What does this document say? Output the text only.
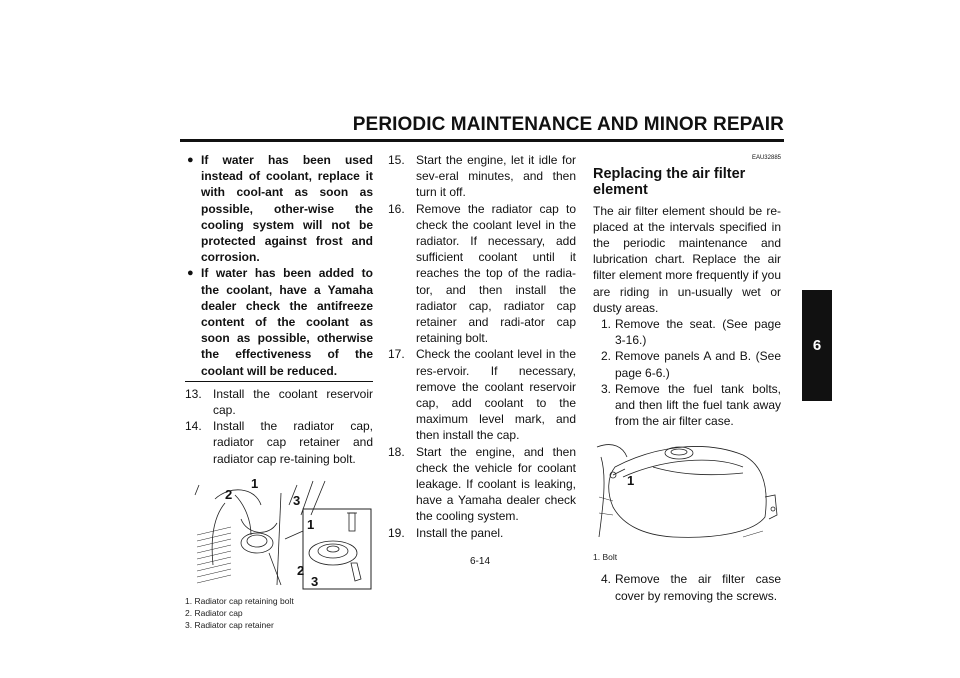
PERIODIC MAINTENANCE AND MINOR REPAIR
6
● If water has been used instead of coolant, replace it with cool-ant as soon as possible, other-wise the cooling system will not be protected against frost and corrosion.
● If water has been added to the coolant, have a Yamaha dealer check the antifreeze content of the coolant as soon as possible, otherwise the effectiveness of the coolant will be reduced.
13. Install the coolant reservoir cap.
14. Install the radiator cap, radiator cap retainer and radiator cap re-taining bolt.
2
1
3
1
2
3
1. Radiator cap retaining bolt
2. Radiator cap
3. Radiator cap retainer
15. Start the engine, let it idle for sev-eral minutes, and then turn it off.
16. Remove the radiator cap to check the coolant level in the radiator. If necessary, add sufficient coolant until it reaches the top of the radia-tor, and then install the radiator cap, radiator cap retainer and radi-ator cap retaining bolt.
17. Check the coolant level in the res-ervoir. If necessary, remove the coolant reservoir cap, add coolant to the maximum level mark, and then install the cap.
18. Start the engine, and then check the vehicle for coolant leakage. If coolant is leaking, have a Yamaha dealer check the cooling system.
19. Install the panel.
EAU32885
Replacing the air filter element
The air filter element should be re-placed at the intervals specified in the periodic maintenance and lubrication chart. Replace the air filter element more frequently if you are riding in un-usually wet or dusty areas.
1. Remove the seat. (See page 3-16.)
2. Remove panels A and B. (See page 6-6.)
3. Remove the fuel tank bolts, and then lift the fuel tank away from the air filter case.
1
1. Bolt
4. Remove the air filter case cover by removing the screws.
6-14
